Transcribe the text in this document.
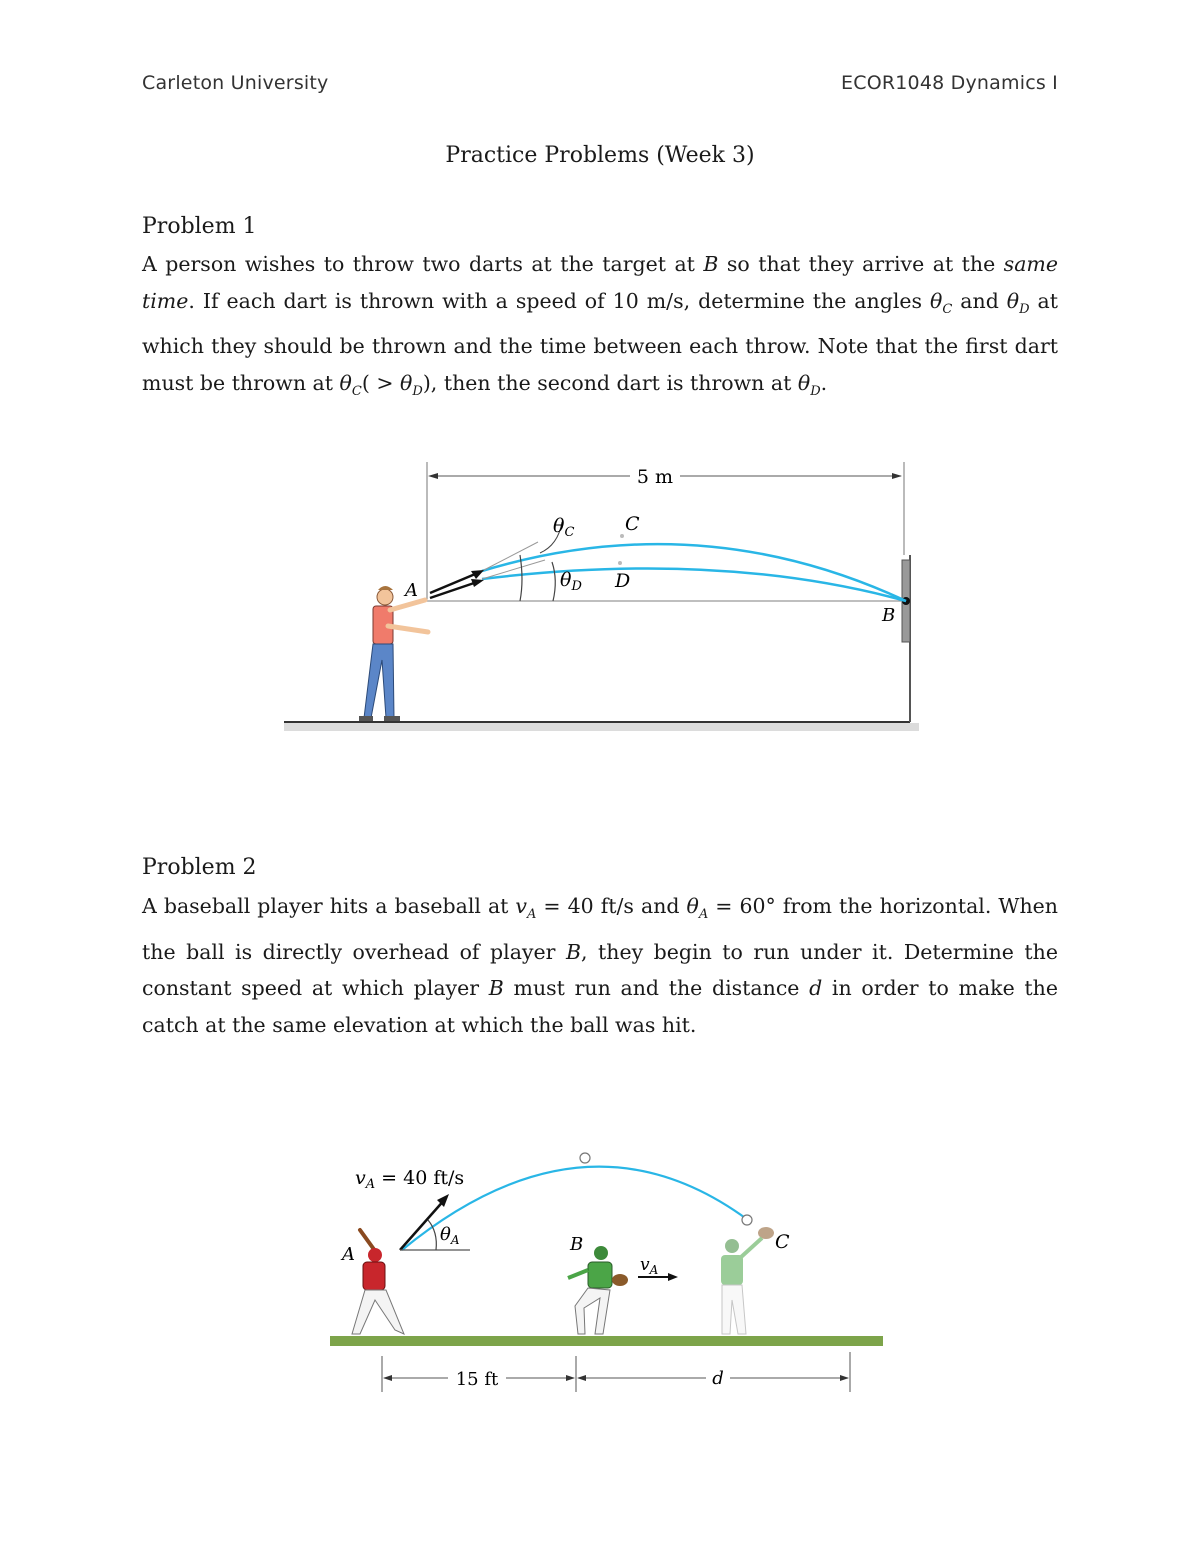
Carleton University	ECOR1048 Dynamics I
Practice Problems (Week 3)
Problem 1
A person wishes to throw two darts at the target at B so that they arrive at the same time. If each dart is thrown with a speed of 10 m/s, determine the angles $\theta_C$ and $\theta_D$ at which they should be thrown and the time between each throw. Note that the first dart must be thrown at $\theta_C( > \theta_D)$, then the second dart is thrown at $\theta_D$.
5 m
$\theta_C$	C
$\theta_D$ D
A
B
Problem 2
A baseball player hits a baseball at $v_A = 40$ ft/s and $\theta_A = 60^\circ$ from the horizontal. When the ball is directly overhead of player B, they begin to run under it. Determine the constant speed at which player B must run and the distance d in order to make the catch at the same elevation at which the ball was hit.
$v_A = 40$ ft/s
$\theta_A$
A	B	C
$v_A$
15 ft	d
